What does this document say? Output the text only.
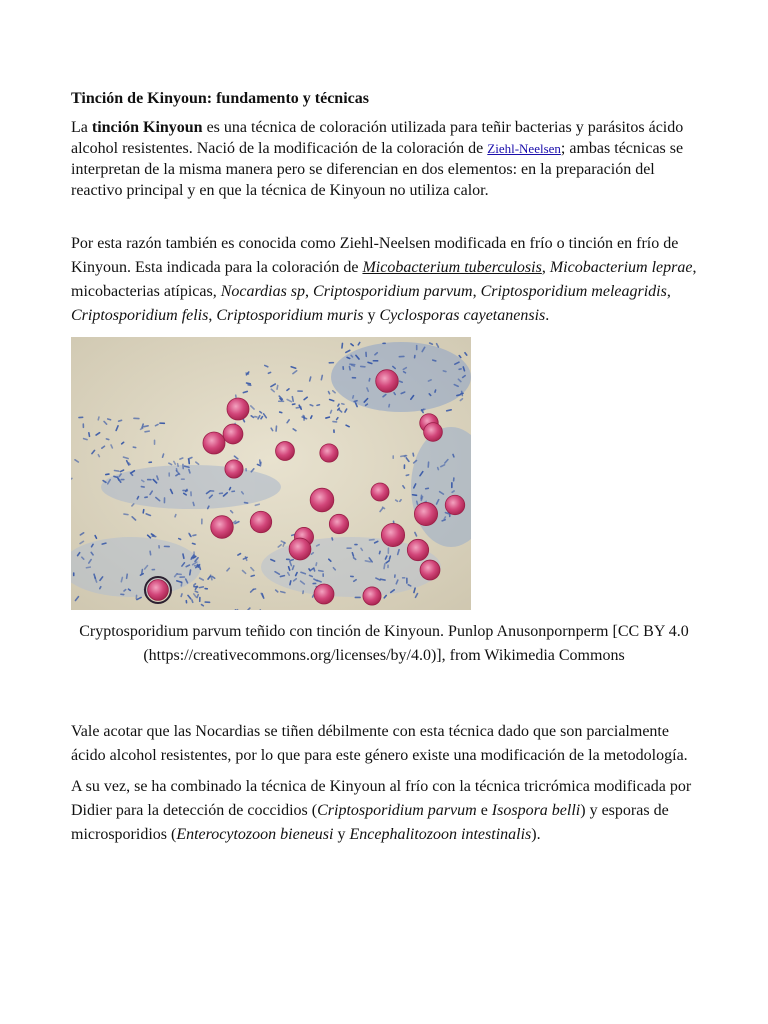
Tinción de Kinyoun: fundamento y técnicas

La tinción Kinyoun es una técnica de coloración utilizada para teñir bacterias y parásitos ácido alcohol resistentes. Nació de la modificación de la coloración de Ziehl-Neelsen; ambas técnicas se interpretan de la misma manera pero se diferencian en dos elementos: en la preparación del reactivo principal y en que la técnica de Kinyoun no utiliza calor.

Por esta razón también es conocida como Ziehl-Neelsen modificada en frío o tinción en frío de Kinyoun. Esta indicada para la coloración de Micobacterium tuberculosis, Micobacterium leprae, micobacterias atípicas, Nocardias sp, Criptosporidium parvum, Criptosporidium meleagridis, Criptosporidium felis, Criptosporidium muris y Cyclosporas cayetanensis.

Cryptosporidium parvum teñido con tinción de Kinyoun. Punlop Anusonpornperm [CC BY 4.0 (https://creativecommons.org/licenses/by/4.0)], from Wikimedia Commons

Vale acotar que las Nocardias se tiñen débilmente con esta técnica dado que son parcialmente ácido alcohol resistentes, por lo que para este género existe una modificación de la metodología.

A su vez, se ha combinado la técnica de Kinyoun al frío con la técnica tricrómica modificada por Didier para la detección de coccidios (Criptosporidium parvum e Isospora belli) y esporas de microsporidios (Enterocytozoon bieneusi y Encephalitozoon intestinalis).
